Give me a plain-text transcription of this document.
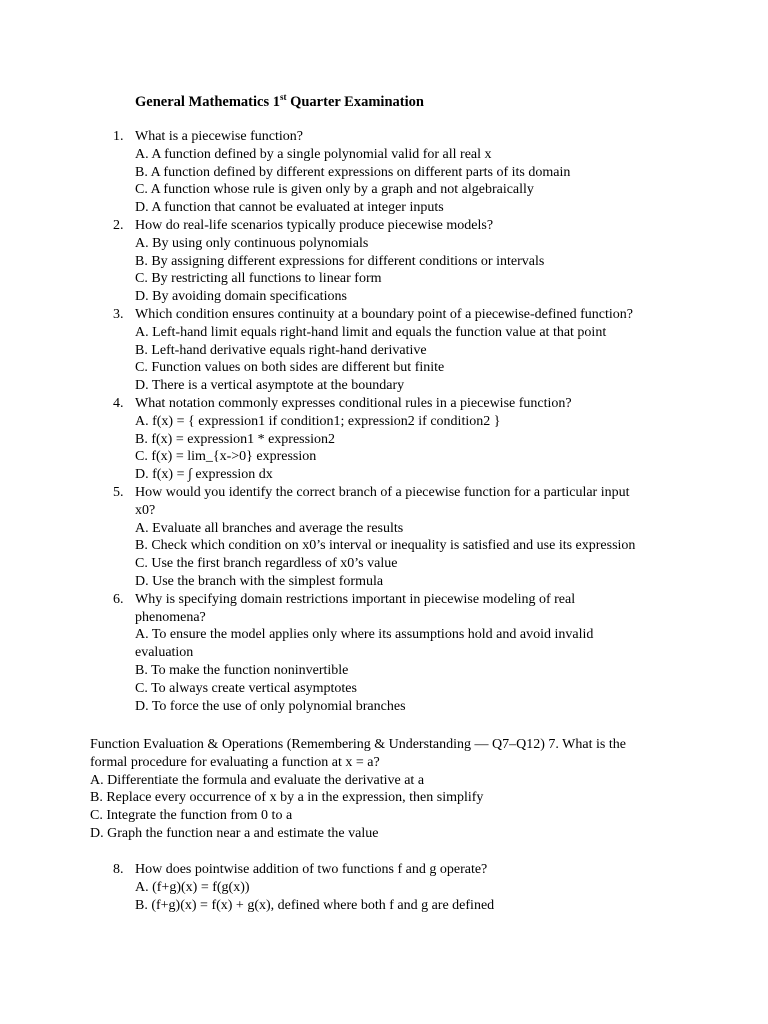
General Mathematics 1st Quarter Examination
1. What is a piecewise function?
A. A function defined by a single polynomial valid for all real x
B. A function defined by different expressions on different parts of its domain
C. A function whose rule is given only by a graph and not algebraically
D. A function that cannot be evaluated at integer inputs
2. How do real-life scenarios typically produce piecewise models?
A. By using only continuous polynomials
B. By assigning different expressions for different conditions or intervals
C. By restricting all functions to linear form
D. By avoiding domain specifications
3. Which condition ensures continuity at a boundary point of a piecewise-defined function?
A. Left-hand limit equals right-hand limit and equals the function value at that point
B. Left-hand derivative equals right-hand derivative
C. Function values on both sides are different but finite
D. There is a vertical asymptote at the boundary
4. What notation commonly expresses conditional rules in a piecewise function?
A. f(x) = { expression1 if condition1; expression2 if condition2 }
B. f(x) = expression1 * expression2
C. f(x) = lim_{x->0} expression
D. f(x) = ∫ expression dx
5. How would you identify the correct branch of a piecewise function for a particular input
x0?
A. Evaluate all branches and average the results
B. Check which condition on x0’s interval or inequality is satisfied and use its expression
C. Use the first branch regardless of x0’s value
D. Use the branch with the simplest formula
6. Why is specifying domain restrictions important in piecewise modeling of real
phenomena?
A. To ensure the model applies only where its assumptions hold and avoid invalid
evaluation
B. To make the function noninvertible
C. To always create vertical asymptotes
D. To force the use of only polynomial branches
Function Evaluation & Operations (Remembering & Understanding — Q7–Q12) 7. What is the
formal procedure for evaluating a function at x = a?
A. Differentiate the formula and evaluate the derivative at a
B. Replace every occurrence of x by a in the expression, then simplify
C. Integrate the function from 0 to a
D. Graph the function near a and estimate the value
8. How does pointwise addition of two functions f and g operate?
A. (f+g)(x) = f(g(x))
B. (f+g)(x) = f(x) + g(x), defined where both f and g are defined
